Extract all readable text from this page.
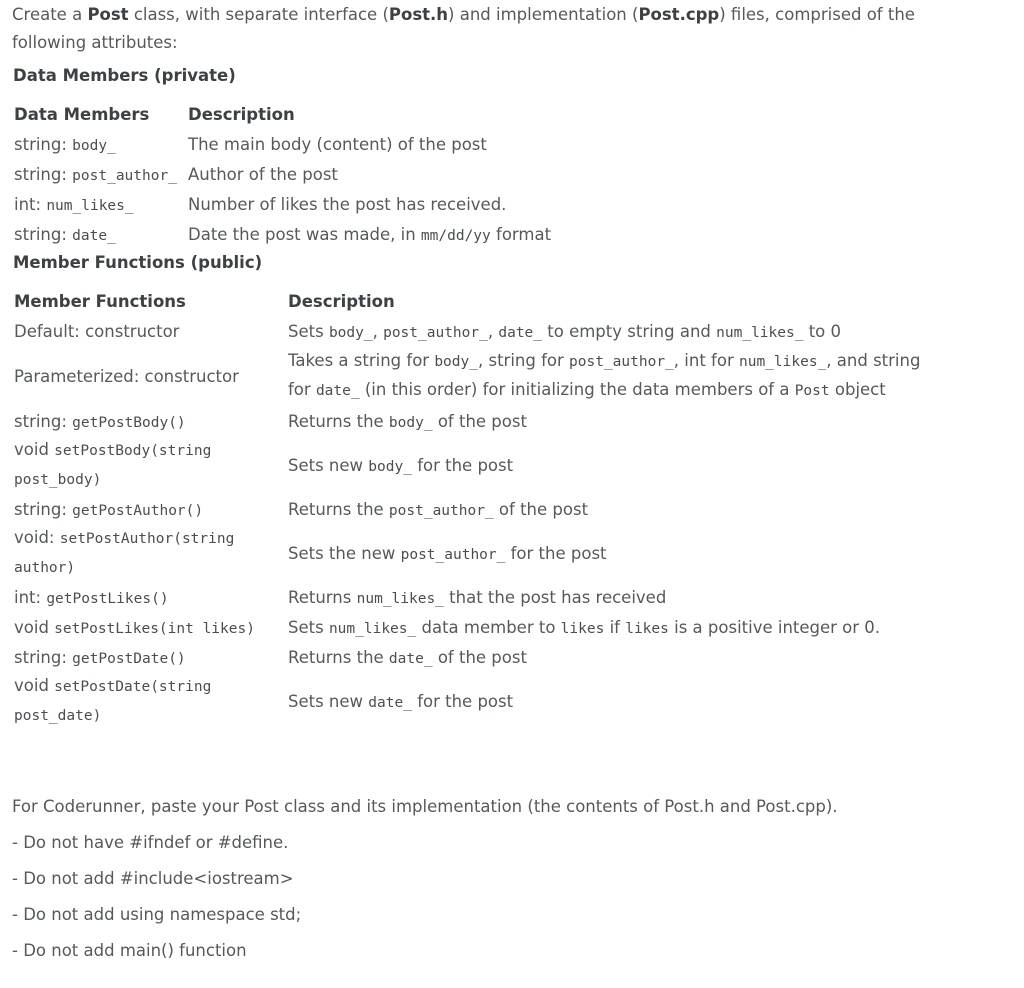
Create a Post class, with separate interface (Post.h) and implementation (Post.cpp) files, comprised of the following attributes:

Data Members (private)
Data Members	Description
string: body_	The main body (content) of the post
string: post_author_	Author of the post
int: num_likes_	Number of likes the post has received.
string: date_	Date the post was made, in mm/dd/yy format
Member Functions (public)
Member Functions	Description
Default: constructor	Sets body_, post_author_, date_ to empty string and num_likes_ to 0
Parameterized: constructor	Takes a string for body_, string for post_author_, int for num_likes_, and string for date_ (in this order) for initializing the data members of a Post object
string: getPostBody()	Returns the body_ of the post
void setPostBody(string post_body)	Sets new body_ for the post
string: getPostAuthor()	Returns the post_author_ of the post
void: setPostAuthor(string author)	Sets the new post_author_ for the post
int: getPostLikes()	Returns num_likes_ that the post has received
void setPostLikes(int likes)	Sets num_likes_ data member to likes if likes is a positive integer or 0.
string: getPostDate()	Returns the date_ of the post
void setPostDate(string post_date)	Sets new date_ for the post

For Coderunner, paste your Post class and its implementation (the contents of Post.h and Post.cpp).

- Do not have #ifndef or #define.

- Do not add #include<iostream>

- Do not add using namespace std;

- Do not add main() function
